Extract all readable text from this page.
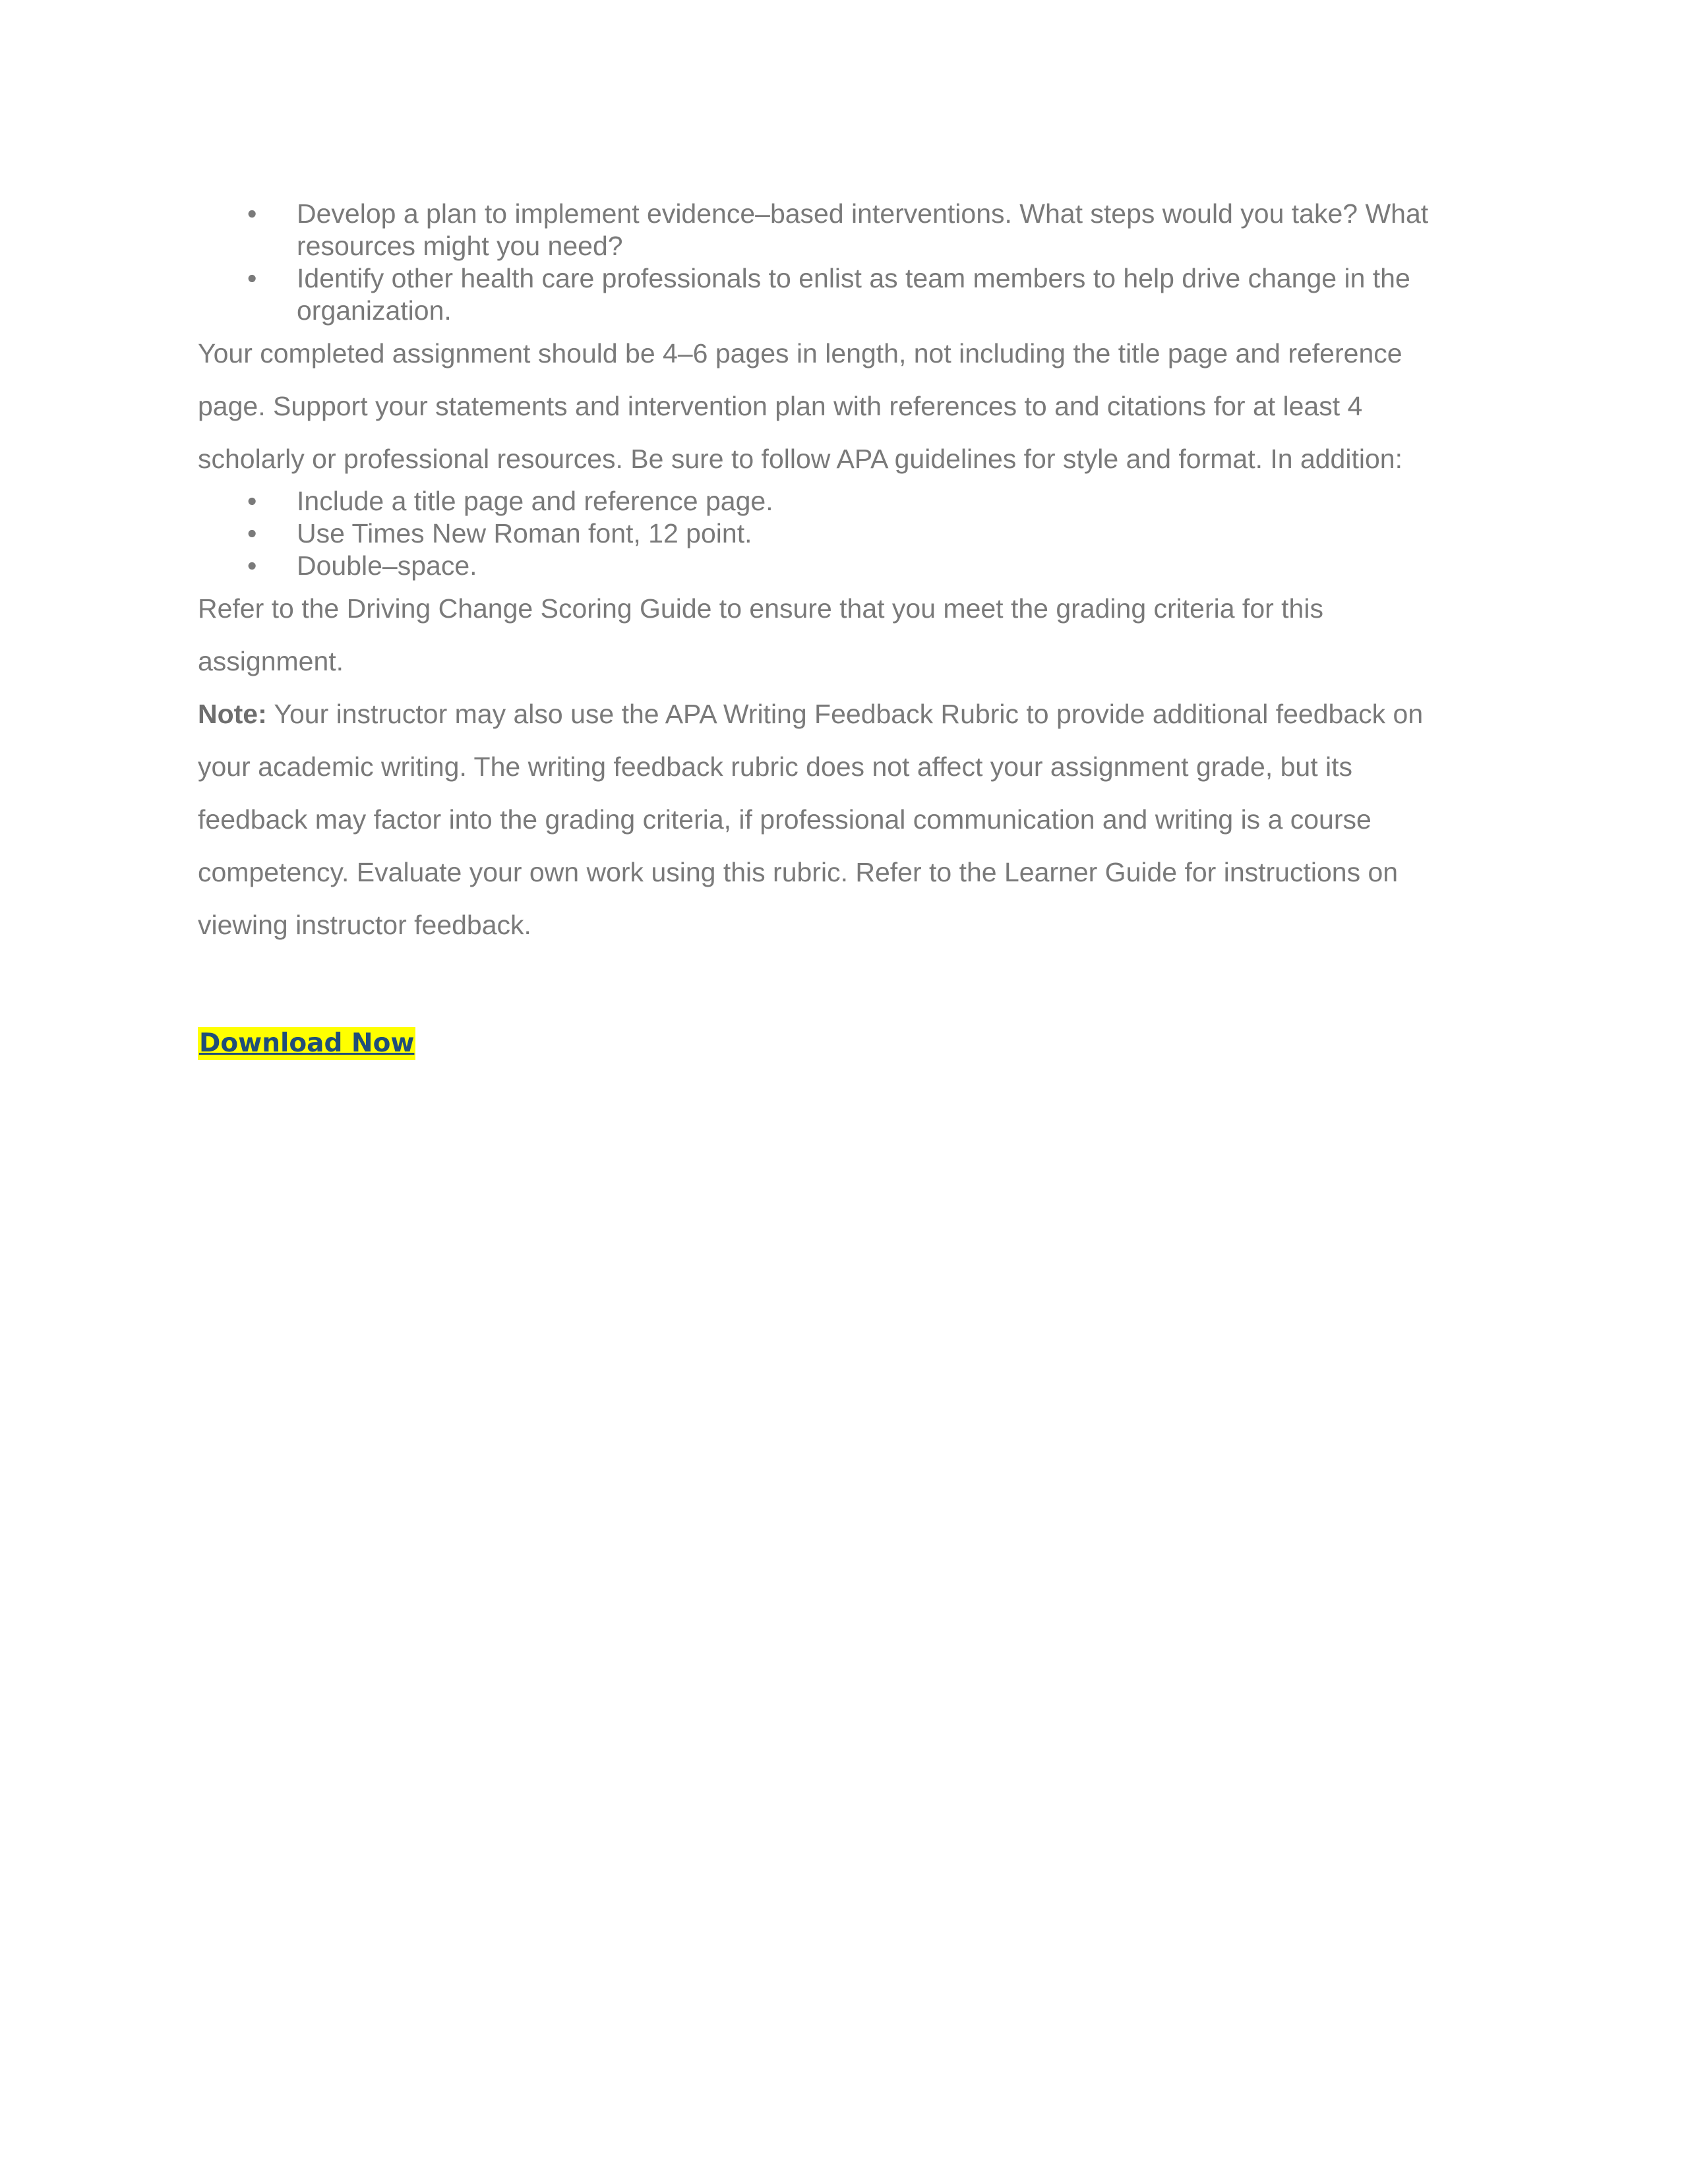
• Develop a plan to implement evidence–based interventions. What steps would you take? What resources might you need?
• Identify other health care professionals to enlist as team members to help drive change in the organization.

Your completed assignment should be 4–6 pages in length, not including the title page and reference page. Support your statements and intervention plan with references to and citations for at least 4 scholarly or professional resources. Be sure to follow APA guidelines for style and format. In addition:

• Include a title page and reference page.
• Use Times New Roman font, 12 point.
• Double–space.

Refer to the Driving Change Scoring Guide to ensure that you meet the grading criteria for this assignment.

Note: Your instructor may also use the APA Writing Feedback Rubric to provide additional feedback on your academic writing. The writing feedback rubric does not affect your assignment grade, but its feedback may factor into the grading criteria, if professional communication and writing is a course competency. Evaluate your own work using this rubric. Refer to the Learner Guide for instructions on viewing instructor feedback.

Download Now
